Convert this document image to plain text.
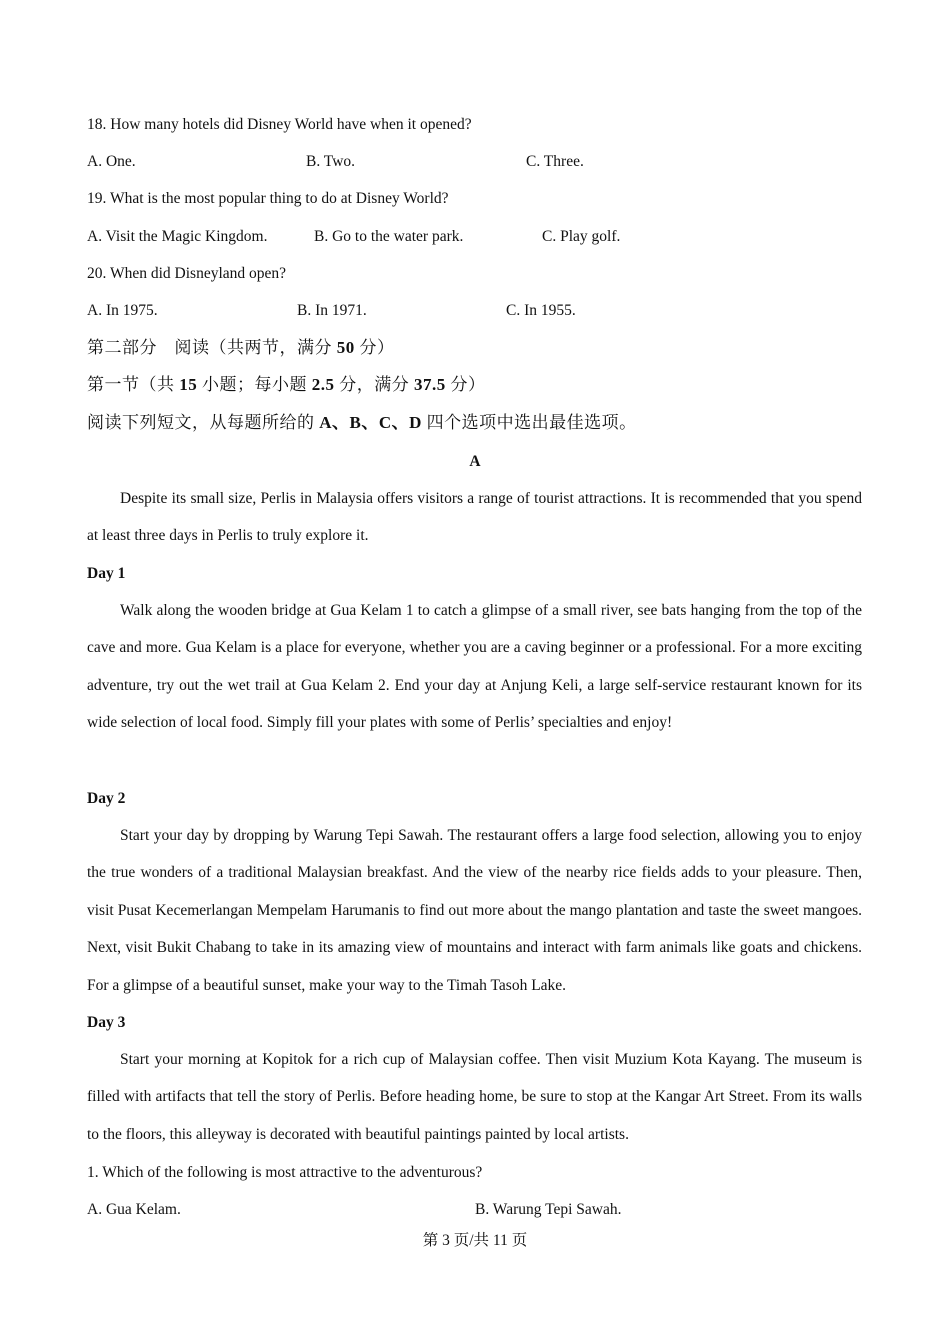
18. How many hotels did Disney World have when it opened?
A. One.	B. Two.	C. Three.
19. What is the most popular thing to do at Disney World?
A. Visit the Magic Kingdom.	B. Go to the water park.	C. Play golf.
20. When did Disneyland open?
A. In 1975.	B. In 1971.	C. In 1955.
第二部分　阅读（共两节，满分 50 分）
第一节（共 15 小题；每小题 2.5 分，满分 37.5 分）
阅读下列短文，从每题所给的 A、B、C、D 四个选项中选出最佳选项。
A

Despite its small size, Perlis in Malaysia offers visitors a range of tourist attractions. It is recommended that you spend at least three days in Perlis to truly explore it.

Day 1

Walk along the wooden bridge at Gua Kelam 1 to catch a glimpse of a small river, see bats hanging from the top of the cave and more. Gua Kelam is a place for everyone, whether you are a caving beginner or a professional. For a more exciting adventure, try out the wet trail at Gua Kelam 2. End your day at Anjung Keli, a large self-service restaurant known for its wide selection of local food. Simply fill your plates with some of Perlis’ specialties and enjoy!

Day 2

Start your day by dropping by Warung Tepi Sawah. The restaurant offers a large food selection, allowing you to enjoy the true wonders of a traditional Malaysian breakfast. And the view of the nearby rice fields adds to your pleasure. Then, visit Pusat Kecemerlangan Mempelam Harumanis to find out more about the mango plantation and taste the sweet mangoes. Next, visit Bukit Chabang to take in its amazing view of mountains and interact with farm animals like goats and chickens. For a glimpse of a beautiful sunset, make your way to the Timah Tasoh Lake.

Day 3

Start your morning at Kopitok for a rich cup of Malaysian coffee. Then visit Muzium Kota Kayang. The museum is filled with artifacts that tell the story of Perlis. Before heading home, be sure to stop at the Kangar Art Street. From its walls to the floors, this alleyway is decorated with beautiful paintings painted by local artists.

1. Which of the following is most attractive to the adventurous?
A. Gua Kelam.	B. Warung Tepi Sawah.
第 3 页/共 11 页
